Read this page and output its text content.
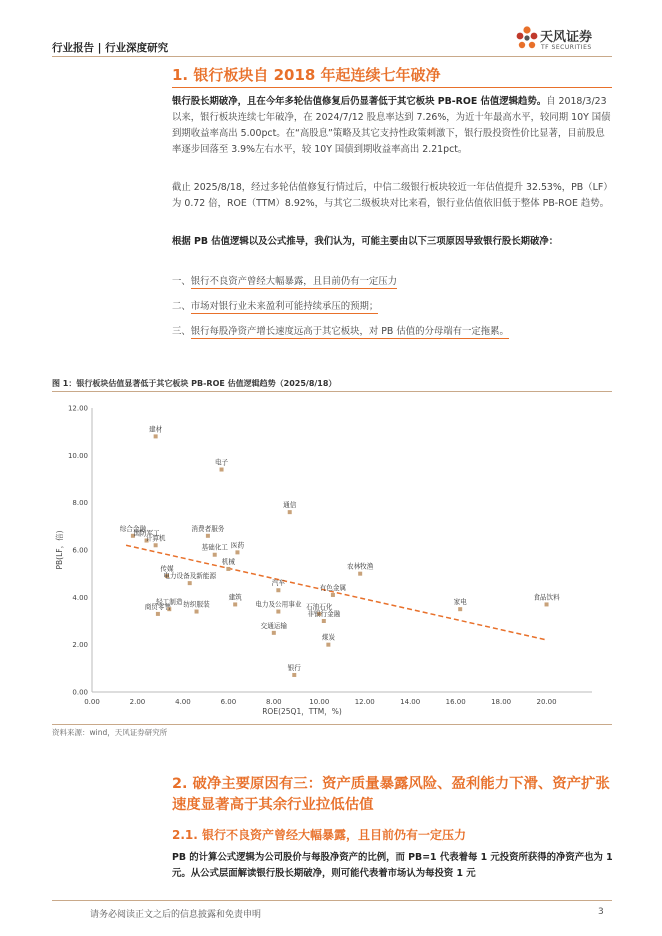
行业报告 | 行业深度研究
天风证券
TF SECURITIES
1. 银行板块自 2018 年起连续七年破净
银行股长期破净，且在今年多轮估值修复后仍显著低于其它板块 PB-ROE 估值逻辑趋势。自 2018/3/23 以来，银行板块连续七年破净，在 2024/7/12 股息率达到 7.26%，为近十年最高水平，较同期 10Y 国债到期收益率高出 5.00pct。在“高股息”策略及其它支持性政策刺激下，银行股投资性价比显著，目前股息率逐步回落至 3.9%左右水平，较 10Y 国债到期收益率高出 2.21pct。
截止 2025/8/18，经过多轮估值修复行情过后，中信二级银行板块较近一年估值提升 32.53%，PB（LF）为 0.72 倍，ROE（TTM）8.92%，与其它二级板块对比来看，银行业估值依旧低于整体 PB-ROE 趋势。
根据 PB 估值逻辑以及公式推导，我们认为，可能主要由以下三项原因导致银行股长期破净：
一、银行不良资产曾经大幅暴露，且目前仍有一定压力
二、市场对银行业未来盈利可能持续承压的预期；
三、银行每股净资产增长速度远高于其它板块，对 PB 估值的分母端有一定拖累。
图 1：银行板块估值显著低于其它板块 PB-ROE 估值逻辑趋势（2025/8/18）
0.00	2.00	4.00	6.00	8.00	10.00	12.00	14.00	16.00	18.00	20.00
0.00
2.00
4.00
6.00
8.00
10.00
12.00
建材
电子
通信
综合金融
国防军工
计算机
消费者服务
医药
基础化工
机械
传媒
电力设备及新能源
农林牧渔
汽车
有色金属
轻工制造
商贸零售 纺织服装
建筑
电力及公用事业 石油石化
非银行金融
交通运输
煤炭
家电
食品饮料
银行
ROE(25Q1，TTM，%)
PB(LF，倍)
资料来源：wind，天风证券研究所
2. 破净主要原因有三：资产质量暴露风险、盈利能力下滑、资产扩张速度显著高于其余行业拉低估值
2.1. 银行不良资产曾经大幅暴露，且目前仍有一定压力
PB 的计算公式逻辑为公司股价与每股净资产的比例，而 PB=1 代表着每 1 元投资所获得的净资产也为 1 元。从公式层面解读银行股长期破净，则可能代表着市场认为每投资 1 元
请务必阅读正文之后的信息披露和免责申明	3
